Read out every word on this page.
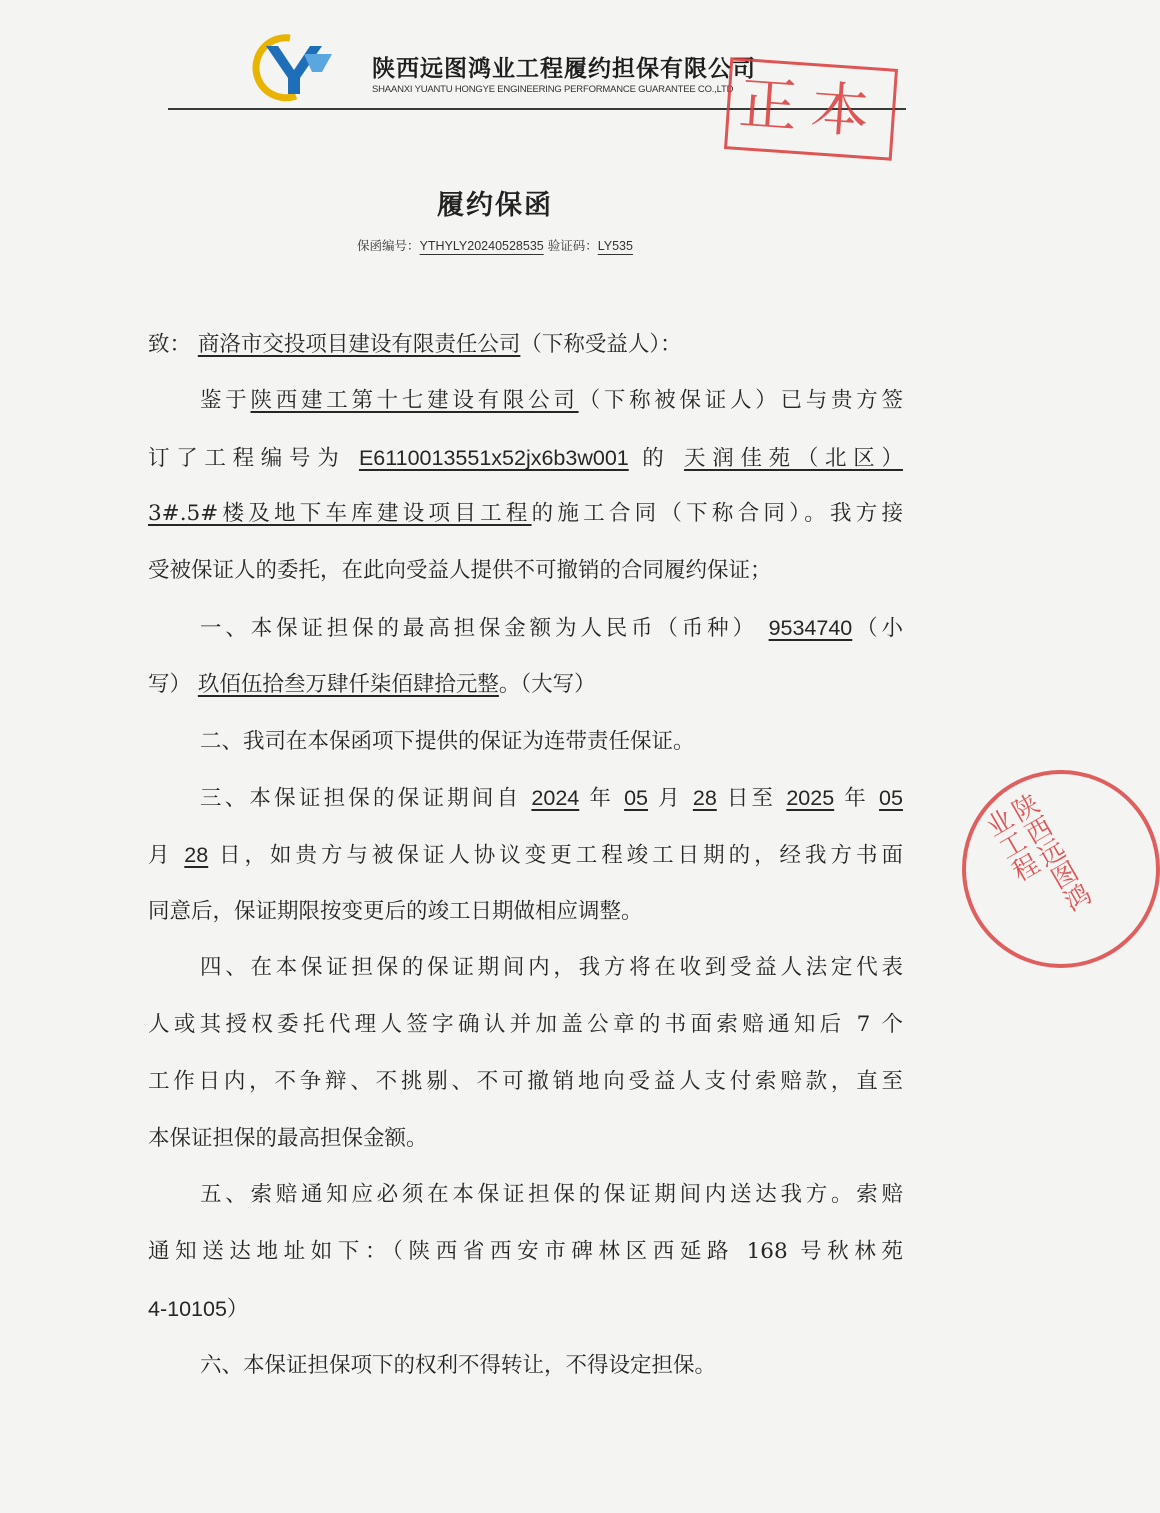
陕西远图鸿业工程履约担保有限公司
SHAANXI YUANTU HONGYE ENGINEERING PERFORMANCE GUARANTEE CO.,LTD 正本
履约保函
保函编号：YTHYLY20240528535 验证码：LY535
致： 商洛市交投项目建设有限责任公司（下称受益人）：
鉴于陕西建工第十七建设有限公司（下称被保证人）已与贵方签
订了工程编号为 E6110013551x52jx6b3w001 的 天润佳苑（北区）
3#.5#楼及地下车库建设项目工程的施工合同（下称合同）。我方接
受被保证人的委托，在此向受益人提供不可撤销的合同履约保证；
一、本保证担保的最高担保金额为人民币（币种） 9534740（小
写） 玖佰伍拾叁万肆仟柒佰肆拾元整。（大写）
二、我司在本保函项下提供的保证为连带责任保证。
三、本保证担保的保证期间自 2024 年 05 月 28 日至 2025 年 05
月 28 日，如贵方与被保证人协议变更工程竣工日期的，经我方书面
同意后，保证期限按变更后的竣工日期做相应调整。
四、在本保证担保的保证期间内，我方将在收到受益人法定代表
人或其授权委托代理人签字确认并加盖公章的书面索赔通知后 7 个
工作日内，不争辩、不挑剔、不可撤销地向受益人支付索赔款，直至
本保证担保的最高担保金额。
五、索赔通知应必须在本保证担保的保证期间内送达我方。索赔
通知送达地址如下：（陕西省西安市碑林区西延路 168 号秋林苑
4-10105）
六、本保证担保项下的权利不得转让，不得设定担保。
陕西远图鸿业工程
